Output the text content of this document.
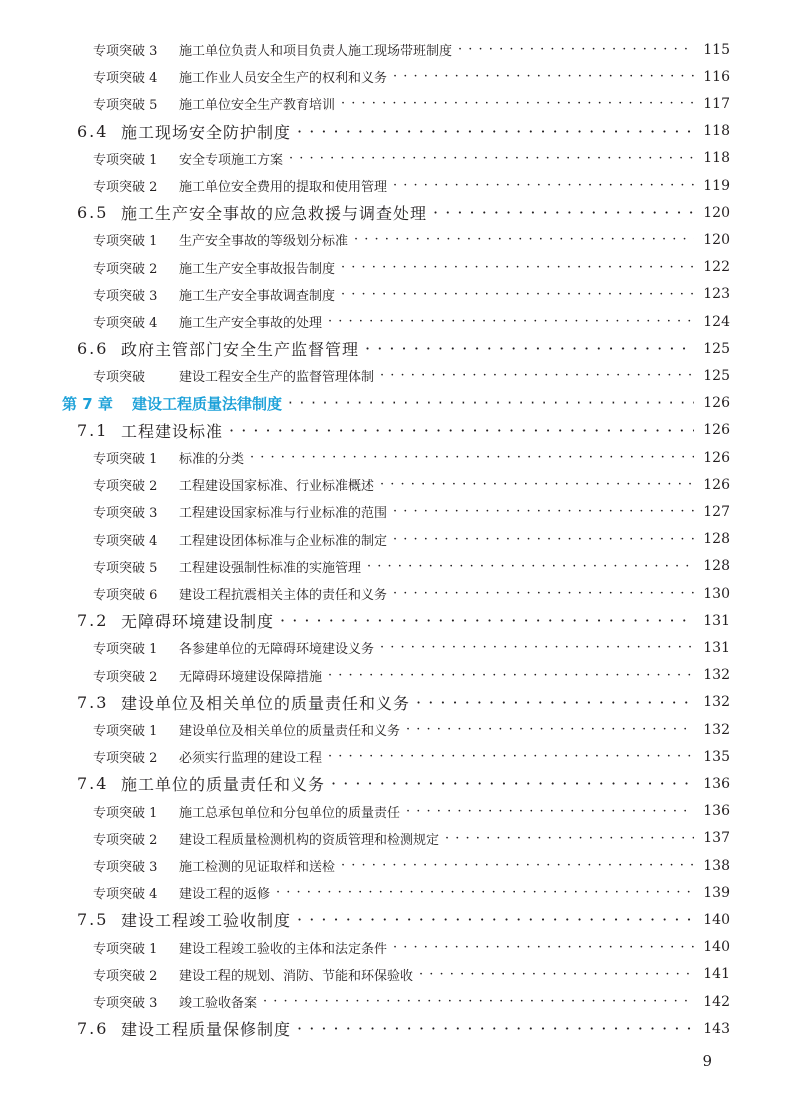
专项突破 3	施工单位负责人和项目负责人施工现场带班制度 · · ·	115
专项突破 4	施工作业人员安全生产的权利和义务 · · ·	116
专项突破 5	施工单位安全生产教育培训 · · ·	117
6.4 施工现场安全防护制度 · · ·	118
专项突破 1	安全专项施工方案 · · ·	118
专项突破 2	施工单位安全费用的提取和使用管理 · · ·	119
6.5 施工生产安全事故的应急救援与调查处理 · · ·	120
专项突破 1	生产安全事故的等级划分标准 · · ·	120
专项突破 2	施工生产安全事故报告制度 · · ·	122
专项突破 3	施工生产安全事故调查制度 · · ·	123
专项突破 4	施工生产安全事故的处理 · · ·	124
6.6 政府主管部门安全生产监督管理 · · ·	125
专项突破	建设工程安全生产的监督管理体制 · · ·	125
第 7 章	建设工程质量法律制度 · · ·	126
7.1 工程建设标准 · · ·	126
专项突破 1	标准的分类 · · ·	126
专项突破 2	工程建设国家标准、行业标准概述 · · ·	126
专项突破 3	工程建设国家标准与行业标准的范围 · · ·	127
专项突破 4	工程建设团体标准与企业标准的制定 · · ·	128
专项突破 5	工程建设强制性标准的实施管理 · · ·	128
专项突破 6	建设工程抗震相关主体的责任和义务 · · ·	130
7.2 无障碍环境建设制度 · · ·	131
专项突破 1	各参建单位的无障碍环境建设义务 · · ·	131
专项突破 2	无障碍环境建设保障措施 · · ·	132
7.3 建设单位及相关单位的质量责任和义务 · · ·	132
专项突破 1	建设单位及相关单位的质量责任和义务 · · ·	132
专项突破 2	必须实行监理的建设工程 · · ·	135
7.4 施工单位的质量责任和义务 · · ·	136
专项突破 1	施工总承包单位和分包单位的质量责任 · · ·	136
专项突破 2	建设工程质量检测机构的资质管理和检测规定 · · ·	137
专项突破 3	施工检测的见证取样和送检 · · ·	138
专项突破 4	建设工程的返修 · · ·	139
7.5 建设工程竣工验收制度 · · ·	140
专项突破 1	建设工程竣工验收的主体和法定条件 · · ·	140
专项突破 2	建设工程的规划、消防、节能和环保验收 · · ·	141
专项突破 3	竣工验收备案 · · ·	142
7.6 建设工程质量保修制度 · · ·	143
9
